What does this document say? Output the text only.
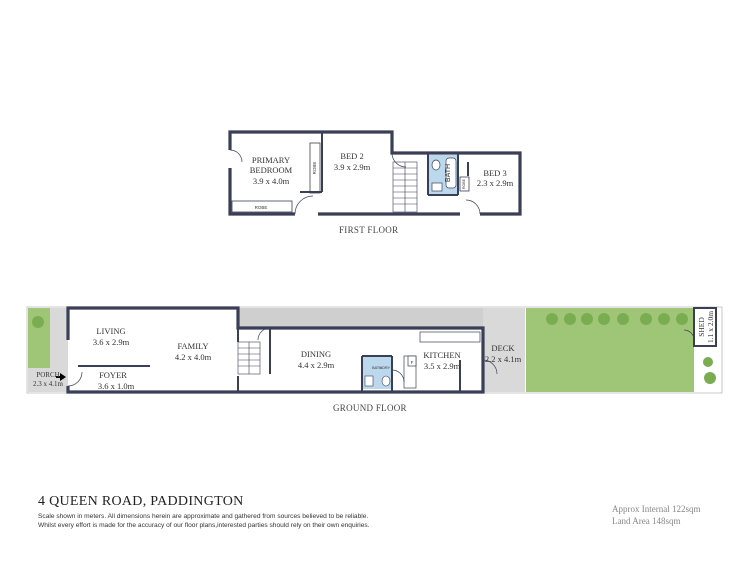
PRIMARY
BEDROOM
3.9 x 4.0m
BED 2
3.9 x 2.9m	BATH	BED 3
2.3 x 2.9m
ROBE
ROBE
ROBE
LIVING
3.6 x 2.9m	FAMILY
4.2 x 4.0m
FOYER
3.6 x 1.0m
PORCH
2.3 x 4.1m
DINING
4.4 x 2.9m	BATH
LDRY
KITCHEN
3.5 x 2.9m
DECK
2.2 x 4.1m
SHED 1.1 x 2.0m
F
FIRST FLOOR
GROUND FLOOR
4 QUEEN ROAD, PADDINGTON
Scale shown in meters. All dimensions herein are approximate and gathered from sources believed to be reliable.
Whilst every effort is made for the accuracy of our floor plans,interested parties should rely on their own enquiries.
Approx Internal 122sqm
Land Area 148sqm
